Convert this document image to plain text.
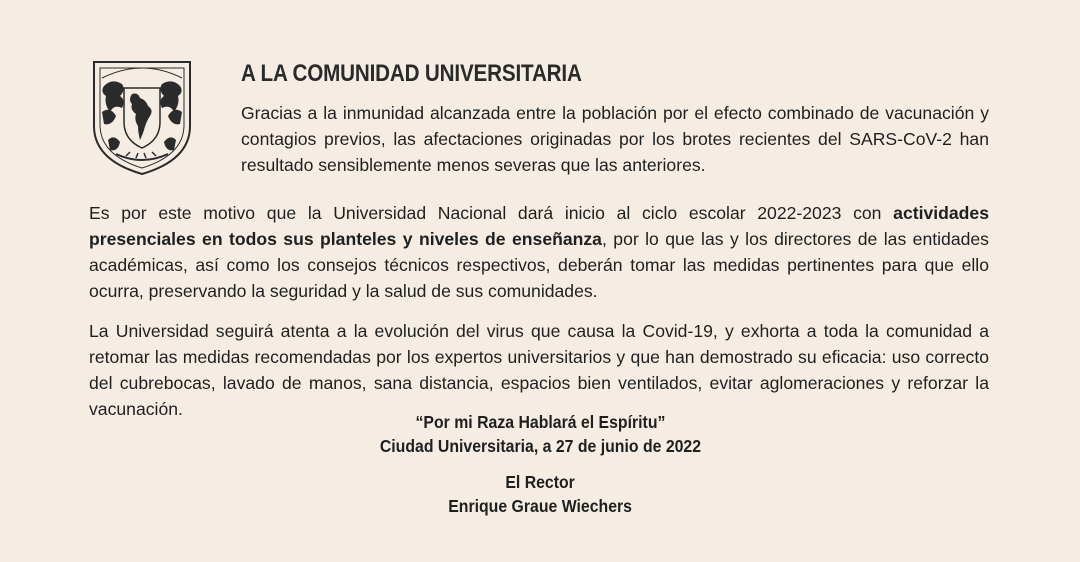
A LA COMUNIDAD UNIVERSITARIA
Gracias a la inmunidad alcanzada entre la población por el efecto combinado de vacunación y contagios previos, las afectaciones originadas por los brotes recientes del SARS-CoV-2 han resultado sensiblemente menos severas que las anteriores.
Es por este motivo que la Universidad Nacional dará inicio al ciclo escolar 2022-2023 con actividades presenciales en todos sus planteles y niveles de enseñanza, por lo que las y los directores de las entidades académicas, así como los consejos técnicos respectivos, deberán tomar las medidas pertinentes para que ello ocurra, preservando la seguridad y la salud de sus comunidades.
La Universidad seguirá atenta a la evolución del virus que causa la Covid-19, y exhorta a toda la comunidad a retomar las medidas recomendadas por los expertos universitarios y que han demostrado su eficacia: uso correcto del cubrebocas, lavado de manos, sana distancia, espacios bien ventilados, evitar aglomeraciones y reforzar la vacunación.
“Por mi Raza Hablará el Espíritu”
Ciudad Universitaria, a 27 de junio de 2022
El Rector
Enrique Graue Wiechers
